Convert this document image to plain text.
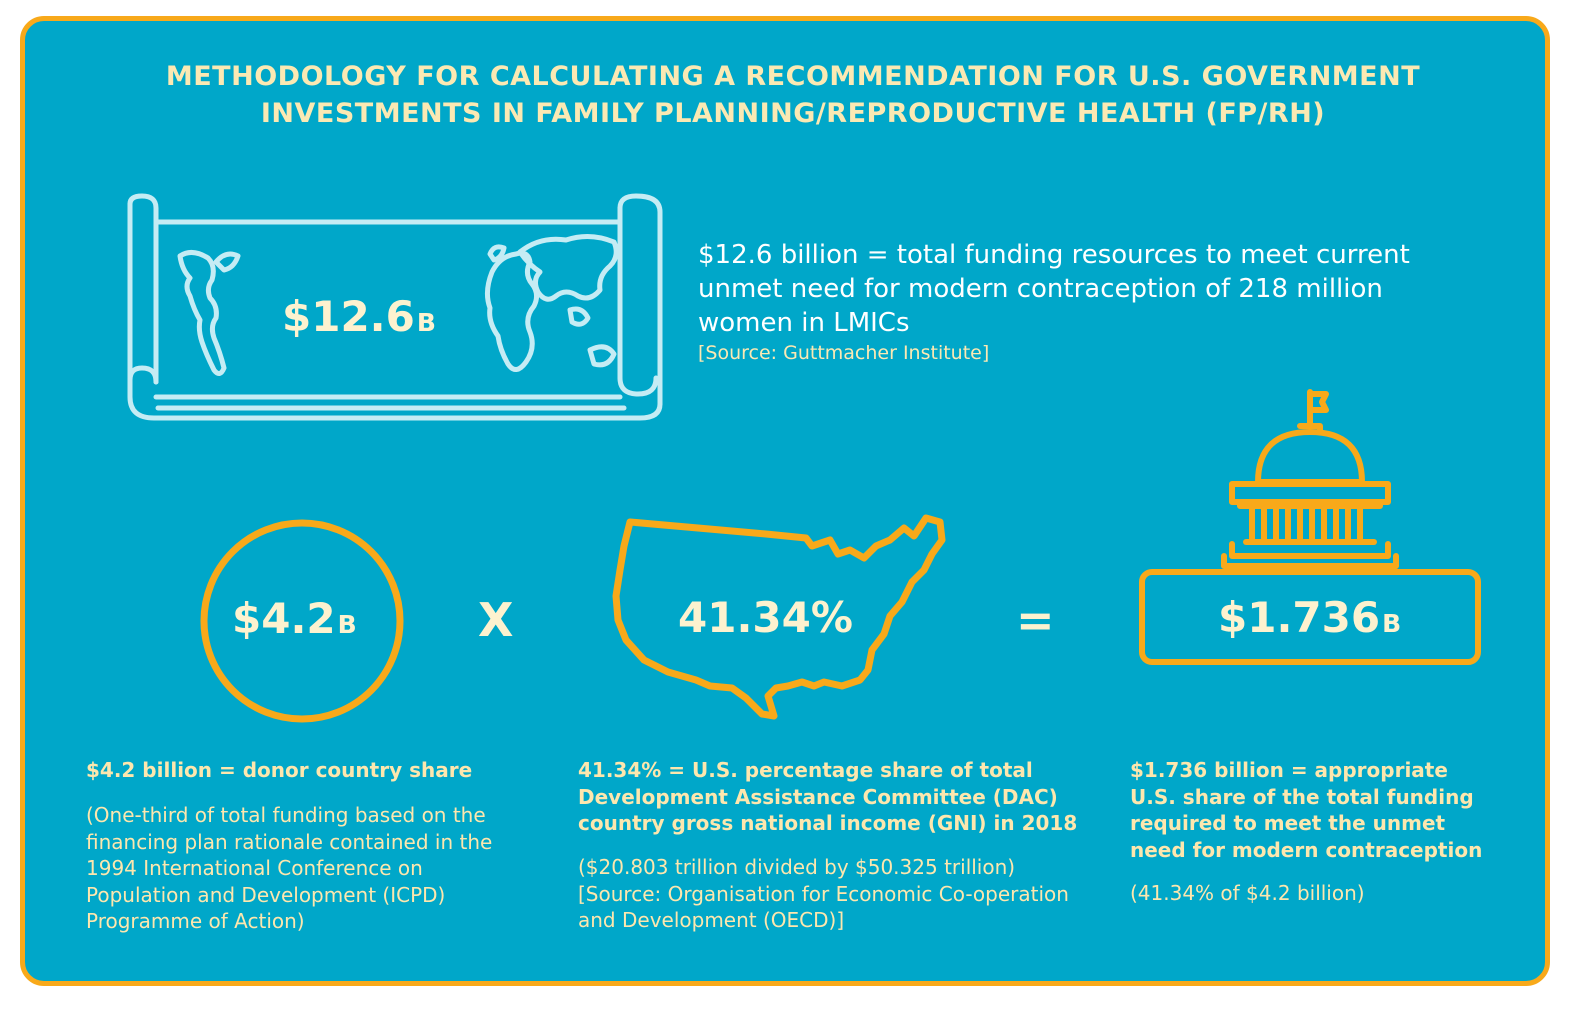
METHODOLOGY FOR CALCULATING A RECOMMENDATION FOR U.S. GOVERNMENT
INVESTMENTS IN FAMILY PLANNING/REPRODUCTIVE HEALTH (FP/RH)
$12.6B
$12.6 billion = total funding resources to meet current unmet need for modern contraception of 218 million women in LMICs
[Source: Guttmacher Institute]
$4.2B	X	41.34%	=	$1.736B
$4.2 billion = donor country share
(One-third of total funding based on the financing plan rationale contained in the 1994 International Conference on Population and Development (ICPD) Programme of Action)
41.34% = U.S. percentage share of total Development Assistance Committee (DAC) country gross national income (GNI) in 2018
($20.803 trillion divided by $50.325 trillion) [Source: Organisation for Economic Co-operation and Development (OECD)]
$1.736 billion = appropriate U.S. share of the total funding required to meet the unmet need for modern contraception
(41.34% of $4.2 billion)
